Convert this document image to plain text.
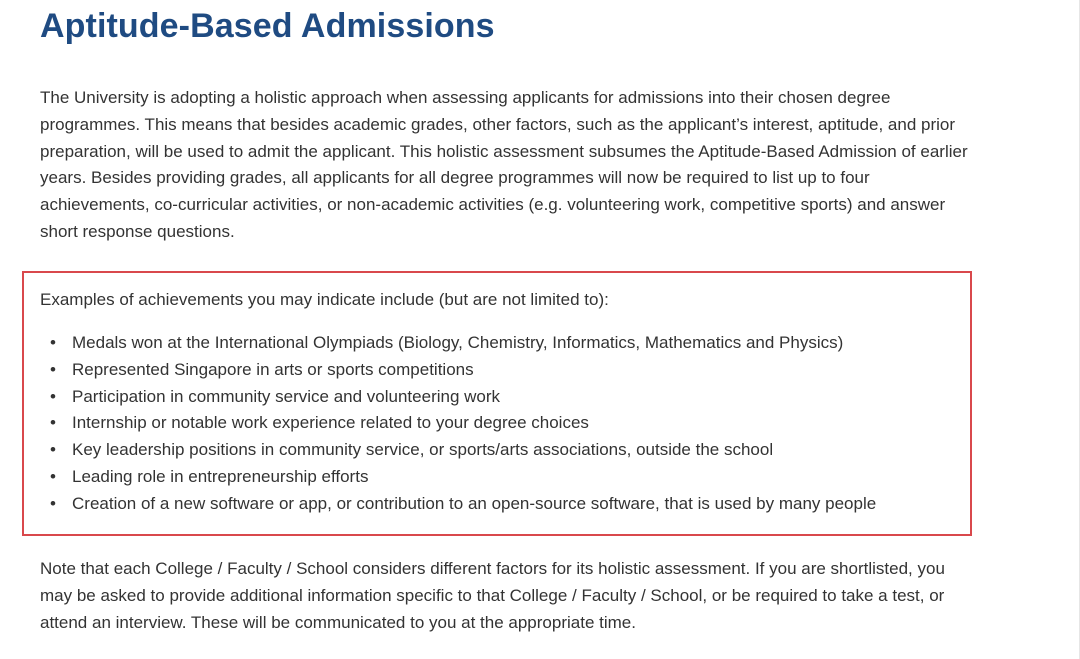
Aptitude-Based Admissions

The University is adopting a holistic approach when assessing applicants for admissions into their chosen degree programmes. This means that besides academic grades, other factors, such as the applicant’s interest, aptitude, and prior preparation, will be used to admit the applicant. This holistic assessment subsumes the Aptitude-Based Admission of earlier years. Besides providing grades, all applicants for all degree programmes will now be required to list up to four achievements, co-curricular activities, or non-academic activities (e.g. volunteering work, competitive sports) and answer short response questions.

Examples of achievements you may indicate include (but are not limited to):

• Medals won at the International Olympiads (Biology, Chemistry, Informatics, Mathematics and Physics)
• Represented Singapore in arts or sports competitions
• Participation in community service and volunteering work
• Internship or notable work experience related to your degree choices
• Key leadership positions in community service, or sports/arts associations, outside the school
• Leading role in entrepreneurship efforts
• Creation of a new software or app, or contribution to an open-source software, that is used by many people

Note that each College / Faculty / School considers different factors for its holistic assessment. If you are shortlisted, you may be asked to provide additional information specific to that College / Faculty / School, or be required to take a test, or attend an interview. These will be communicated to you at the appropriate time.
